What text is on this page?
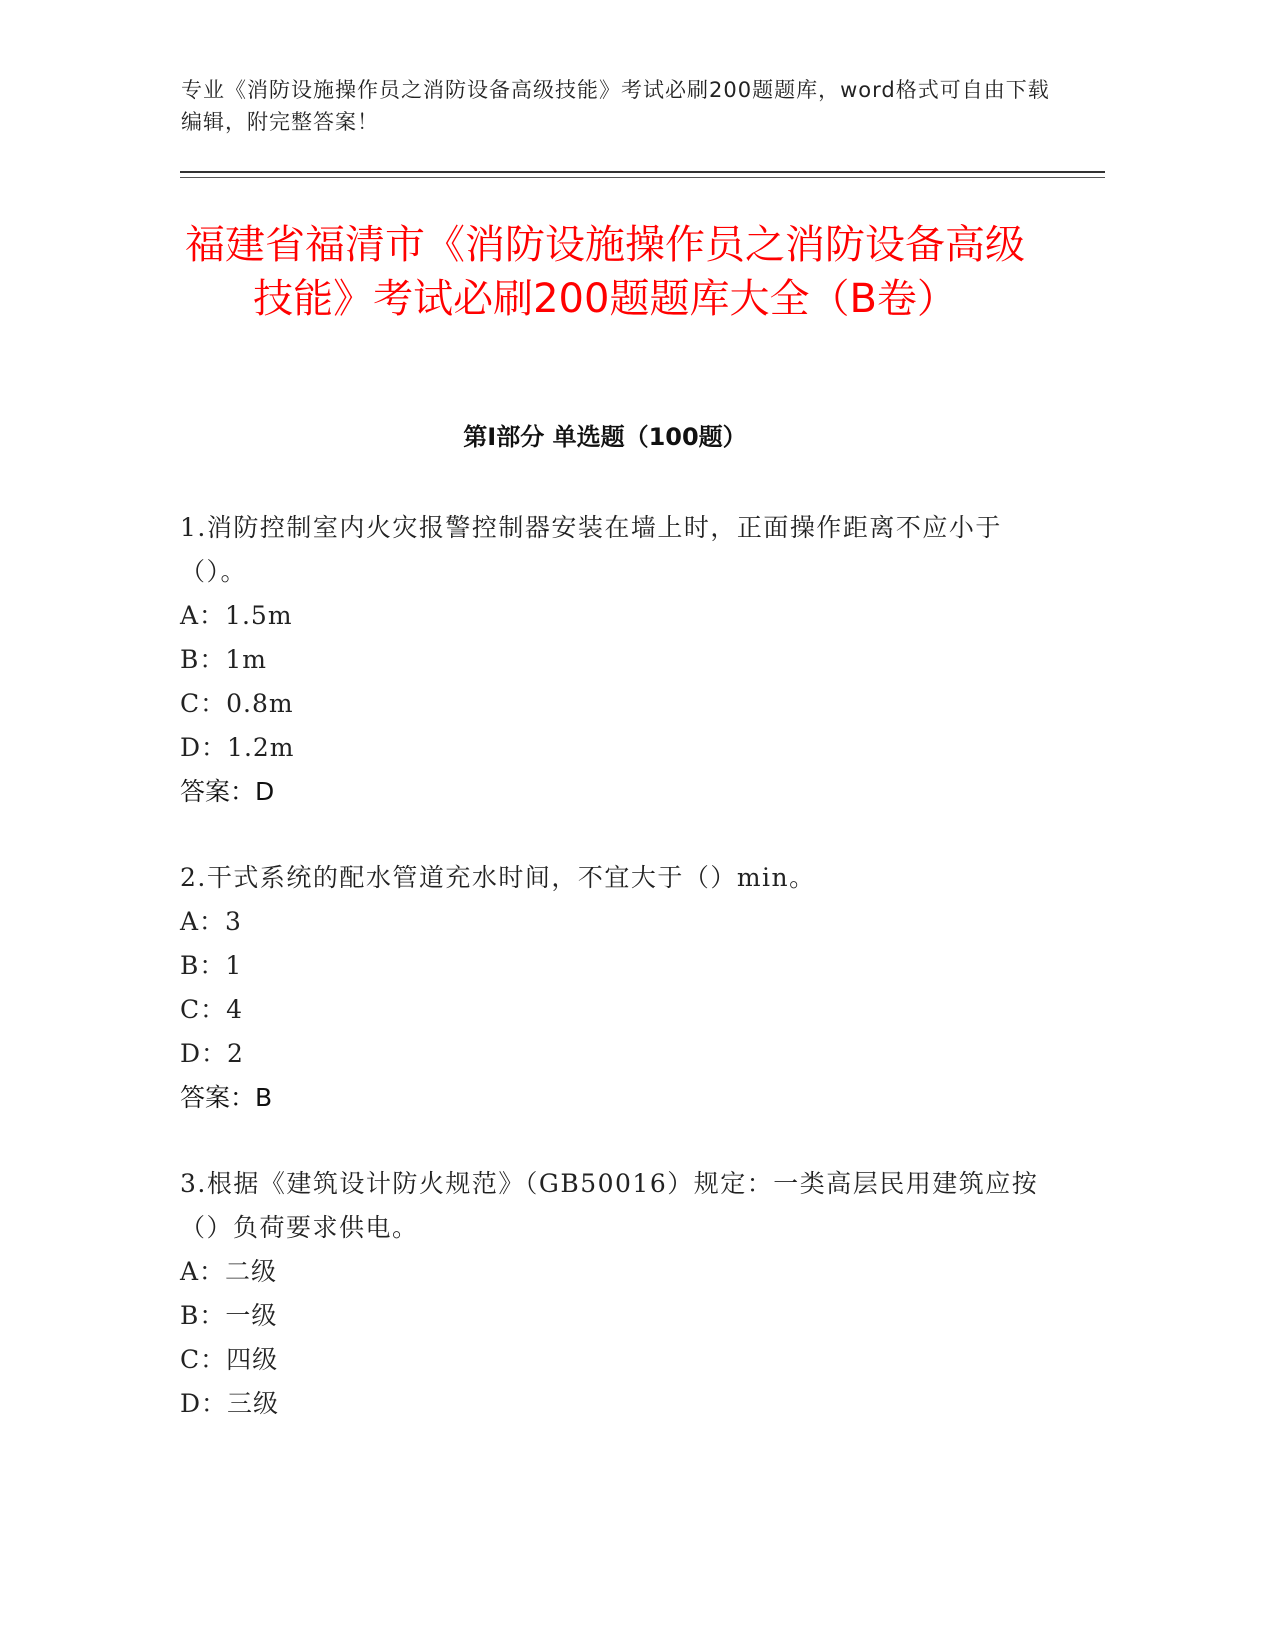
专业《消防设施操作员之消防设备高级技能》考试必刷200题题库，word格式可自由下载编辑，附完整答案！
福建省福清市《消防设施操作员之消防设备高级技能》考试必刷200题题库大全（B卷）
第Ⅰ部分 单选题（100题）
1.消防控制室内火灾报警控制器安装在墙上时，正面操作距离不应小于（）。
A：1.5m
B：1m
C：0.8m
D：1.2m
答案：D
2.干式系统的配水管道充水时间，不宜大于（）min。
A：3
B：1
C：4
D：2
答案：B
3.根据《建筑设计防火规范》（GB50016）规定：一类高层民用建筑应按（）负荷要求供电。
A：二级
B：一级
C：四级
D：三级
